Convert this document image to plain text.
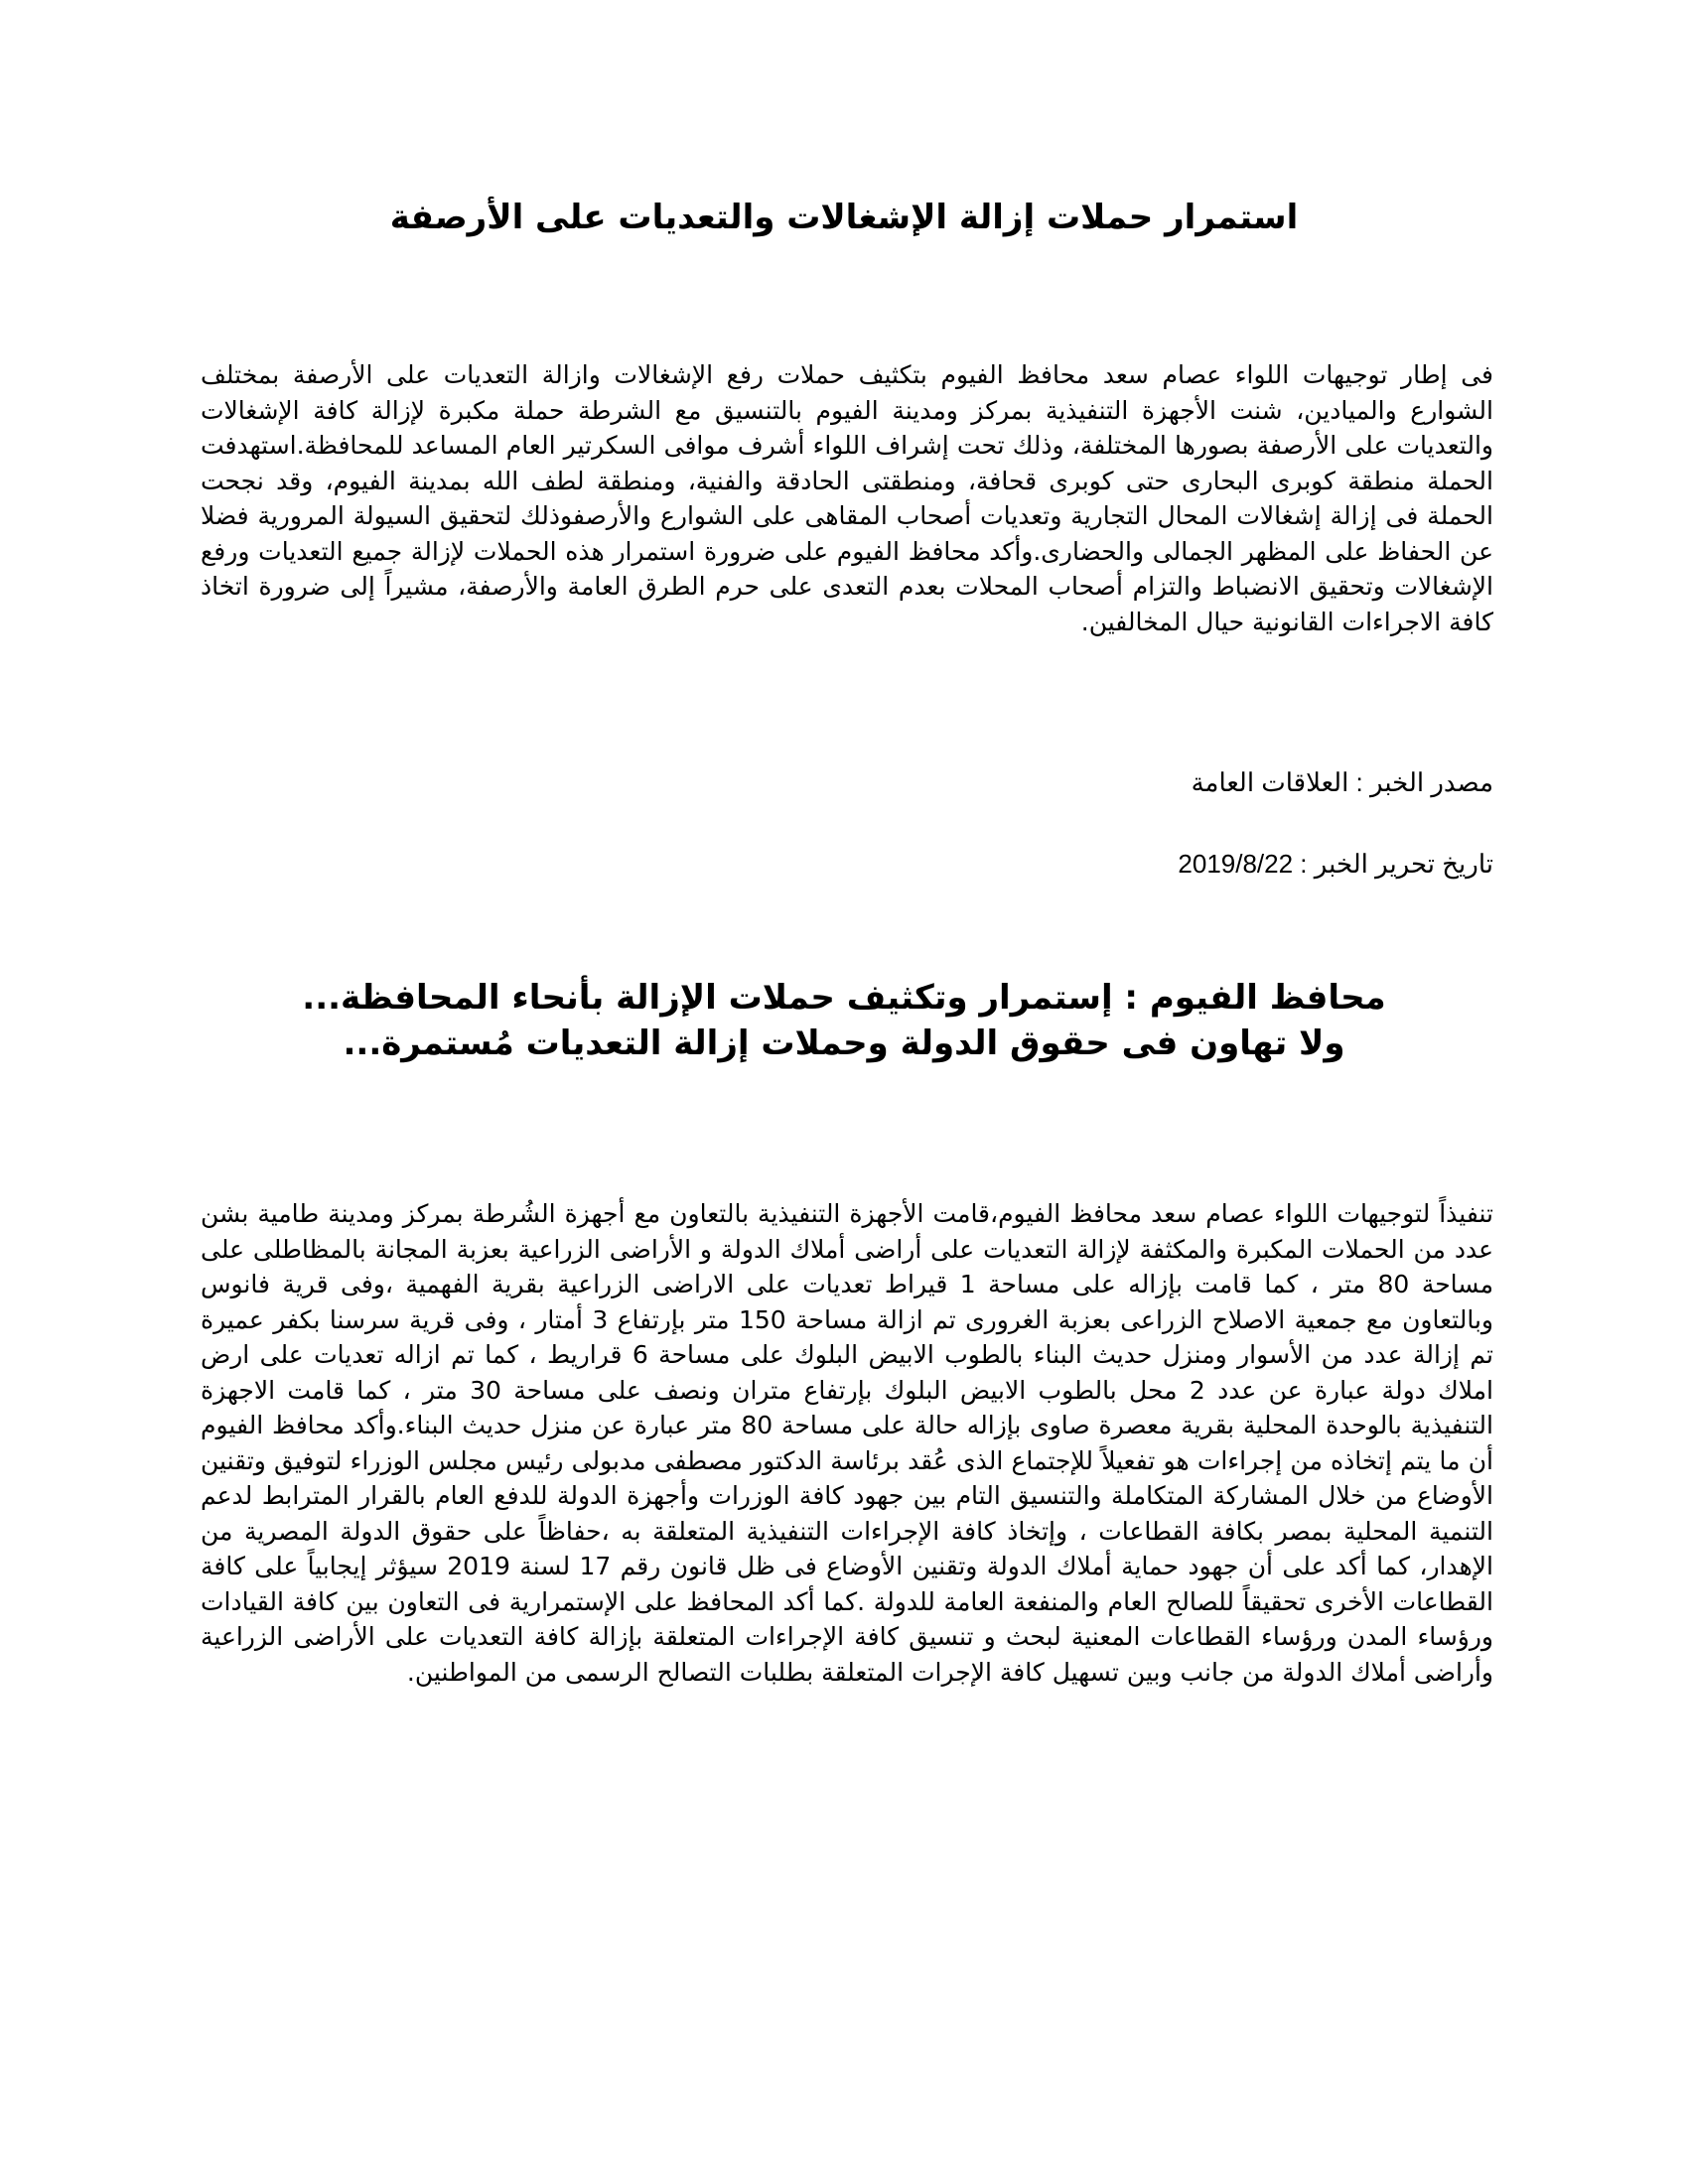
استمرار حملات إزالة الإشغالات والتعديات على الأرصفة

فى إطار توجيهات اللواء عصام سعد محافظ الفيوم بتكثيف حملات رفع الإشغالات وازالة التعديات على الأرصفة بمختلف الشوارع والميادين، شنت الأجهزة التنفيذية بمركز ومدينة الفيوم بالتنسيق مع الشرطة حملة مكبرة لإزالة كافة الإشغالات والتعديات على الأرصفة بصورها المختلفة، وذلك تحت إشراف اللواء أشرف موافى السكرتير العام المساعد للمحافظة.استهدفت الحملة منطقة كوبرى البحارى حتى كوبرى قحافة، ومنطقتى الحادقة والفنية، ومنطقة لطف الله بمدينة الفيوم، وقد نجحت الحملة فى إزالة إشغالات المحال التجارية وتعديات أصحاب المقاهى على الشوارع والأرصفوذلك لتحقيق السيولة المرورية فضلا عن الحفاظ على المظهر الجمالى والحضارى.وأكد محافظ الفيوم على ضرورة استمرار هذه الحملات لإزالة جميع التعديات ورفع الإشغالات وتحقيق الانضباط والتزام أصحاب المحلات بعدم التعدى على حرم الطرق العامة والأرصفة، مشيراً إلى ضرورة اتخاذ كافة الاجراءات القانونية حيال المخالفين.

مصدر الخبر : العلاقات العامة

تاريخ تحرير الخبر : 2019/8/22

محافظ الفيوم : إستمرار وتكثيف حملات الإزالة بأنحاء المحافظة...
ولا تهاون فى حقوق الدولة وحملات إزالة التعديات مُستمرة...

تنفيذاً لتوجيهات اللواء عصام سعد محافظ الفيوم،قامت الأجهزة التنفيذية بالتعاون مع أجهزة الشُرطة بمركز ومدينة طامية بشن عدد من الحملات المكبرة والمكثفة لإزالة التعديات على أراضى أملاك الدولة و الأراضى الزراعية بعزبة المجانة بالمظاطلى على مساحة 80 متر ، كما قامت بإزاله على مساحة 1 قيراط تعديات على الاراضى الزراعية بقرية الفهمية ،وفى قرية فانوس وبالتعاون مع جمعية الاصلاح الزراعى بعزبة الغرورى تم ازالة مساحة 150 متر بإرتفاع 3 أمتار ، وفى قرية سرسنا بكفر عميرة تم إزالة عدد من الأسوار ومنزل حديث البناء بالطوب الابيض البلوك على مساحة 6 قراريط ، كما تم ازاله تعديات على ارض املاك دولة عبارة عن عدد 2 محل بالطوب الابيض البلوك بإرتفاع متران ونصف على مساحة 30 متر ، كما قامت الاجهزة التنفيذية بالوحدة المحلية بقرية معصرة صاوى بإزاله حالة على مساحة 80 متر عبارة عن منزل حديث البناء.وأكد محافظ الفيوم أن ما يتم إتخاذه من إجراءات هو تفعيلاً للإجتماع الذى عُقد برئاسة الدكتور مصطفى مدبولى رئيس مجلس الوزراء لتوفيق وتقنين الأوضاع من خلال المشاركة المتكاملة والتنسيق التام بين جهود كافة الوزرات وأجهزة الدولة للدفع العام بالقرار المترابط لدعم التنمية المحلية بمصر بكافة القطاعات ، وإتخاذ كافة الإجراءات التنفيذية المتعلقة به ،حفاظاً على حقوق الدولة المصرية من الإهدار، كما أكد على أن جهود حماية أملاك الدولة وتقنين الأوضاع فى ظل قانون رقم 17 لسنة 2019 سيؤثر إيجابياً على كافة القطاعات الأخرى تحقيقاً للصالح العام والمنفعة العامة للدولة .كما أكد المحافظ على الإستمرارية فى التعاون بين كافة القيادات ورؤساء المدن ورؤساء القطاعات المعنية لبحث و تنسيق كافة الإجراءات المتعلقة بإزالة كافة التعديات على الأراضى الزراعية وأراضى أملاك الدولة من جانب وبين تسهيل كافة الإجرات المتعلقة بطلبات التصالح الرسمى من المواطنين.
